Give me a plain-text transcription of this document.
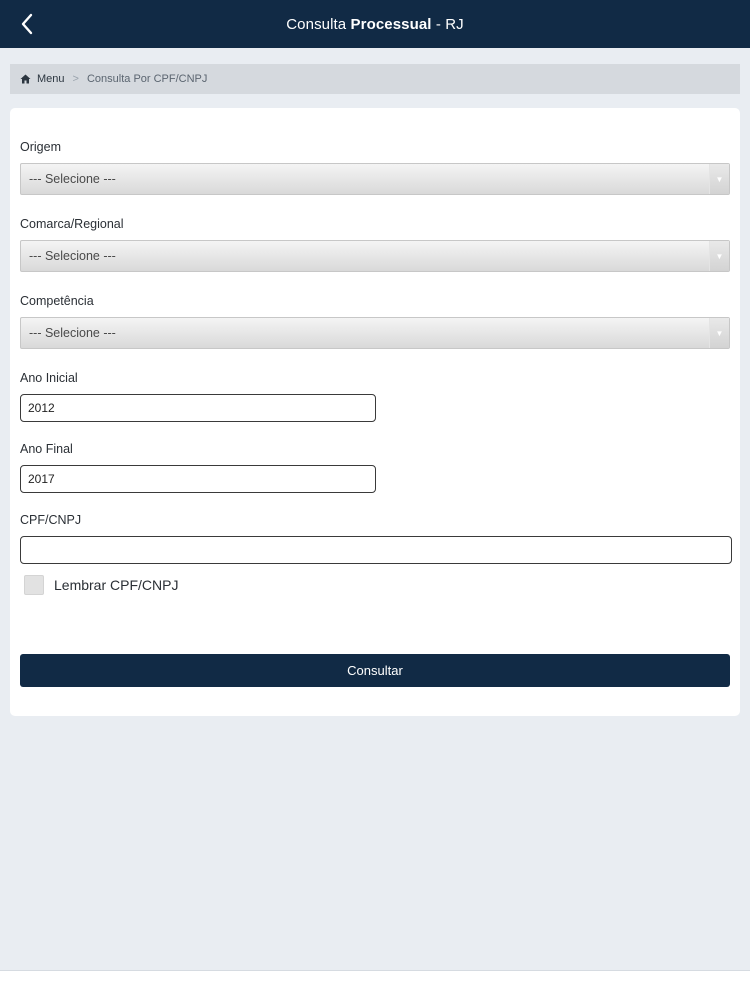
Consulta Processual - RJ
Menu > Consulta Por CPF/CNPJ
Origem
--- Selecione ---	▼
Comarca/Regional
--- Selecione ---	▼
Competência
--- Selecione ---	▼
Ano Inicial
2012
Ano Final
2017
CPF/CNPJ
Lembrar CPF/CNPJ
Consultar
